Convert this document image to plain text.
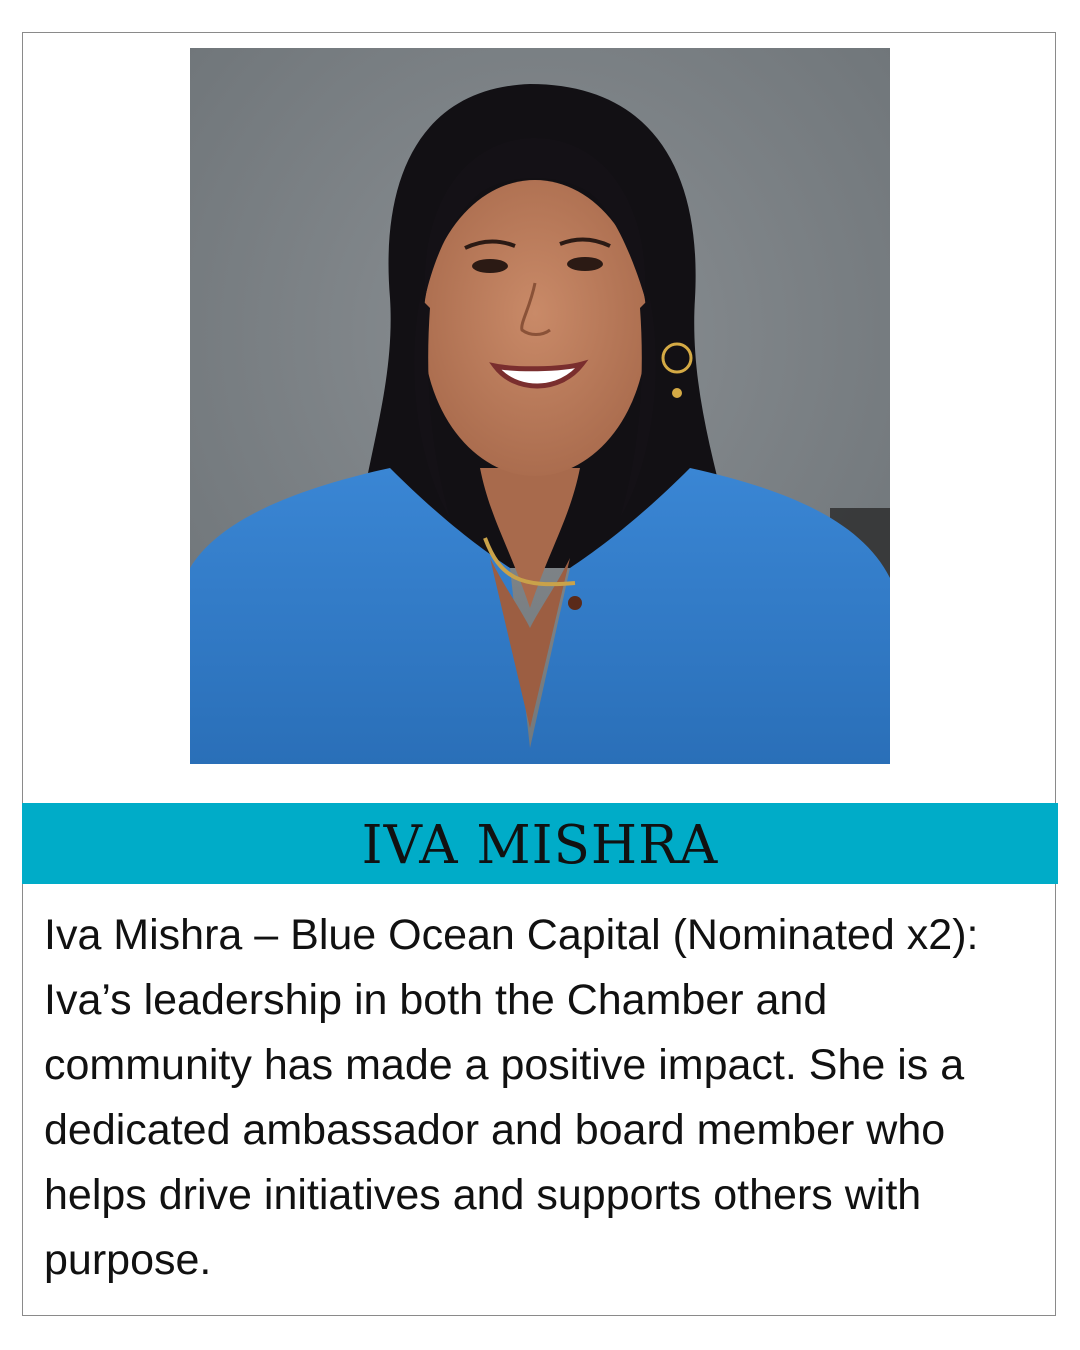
IVA MISHRA

Iva Mishra – Blue Ocean Capital (Nominated x2): Iva’s leadership in both the Chamber and community has made a positive impact. She is a dedicated ambassador and board member who helps drive initiatives and supports others with purpose.
